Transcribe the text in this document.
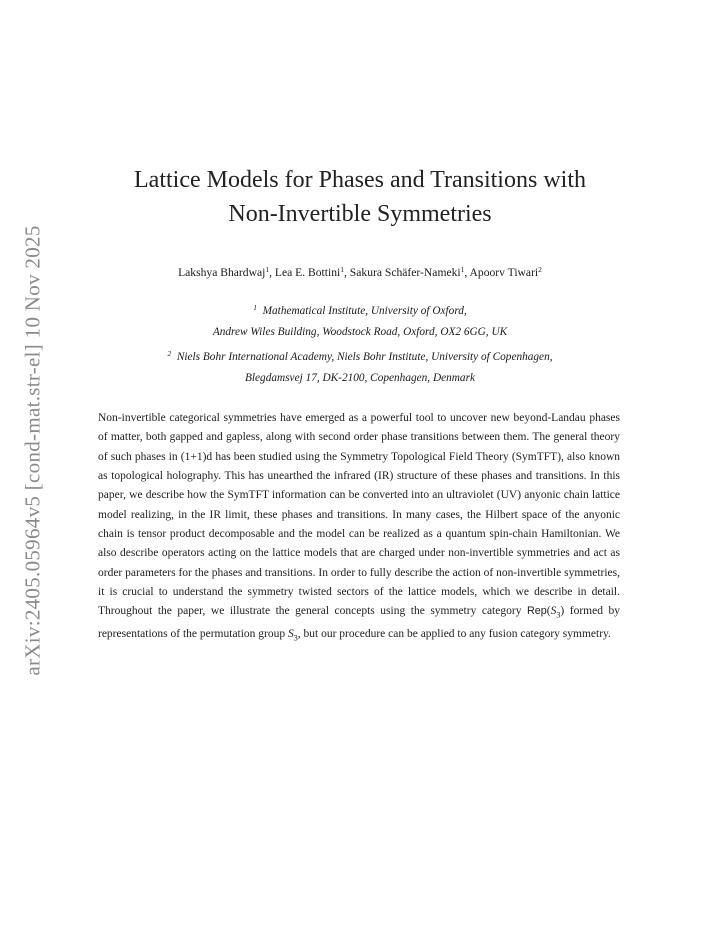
arXiv:2405.05964v5 [cond-mat.str-el] 10 Nov 2025
Lattice Models for Phases and Transitions with
Non-Invertible Symmetries
Lakshya Bhardwaj$^1$, Lea E. Bottini$^1$, Sakura Schäfer-Nameki$^1$, Apoorv Tiwari$^2$
$^1$ Mathematical Institute, University of Oxford,
Andrew Wiles Building, Woodstock Road, Oxford, OX2 6GG, UK
$^2$ Niels Bohr International Academy, Niels Bohr Institute, University of Copenhagen,
Blegdamsvej 17, DK-2100, Copenhagen, Denmark

Non-invertible categorical symmetries have emerged as a powerful tool to uncover new beyond-Landau phases of matter, both gapped and gapless, along with second order phase transitions between them. The general theory of such phases in (1+1)d has been studied using the Symmetry Topological Field Theory (SymTFT), also known as topological holography. This has unearthed the infrared (IR) structure of these phases and transitions. In this paper, we describe how the SymTFT information can be converted into an ultraviolet (UV) anyonic chain lattice model realizing, in the IR limit, these phases and transitions. In many cases, the Hilbert space of the anyonic chain is tensor product decomposable and the model can be realized as a quantum spin-chain Hamiltonian. We also describe operators acting on the lattice models that are charged under non-invertible symmetries and act as order parameters for the phases and transitions. In order to fully describe the action of non-invertible symmetries, it is crucial to understand the symmetry twisted sectors of the lattice models, which we describe in detail. Throughout the paper, we illustrate the general concepts using the symmetry category $Rep(S_3)$ formed by representations of the permutation group $S_3$, but our procedure can be applied to any fusion category symmetry.
